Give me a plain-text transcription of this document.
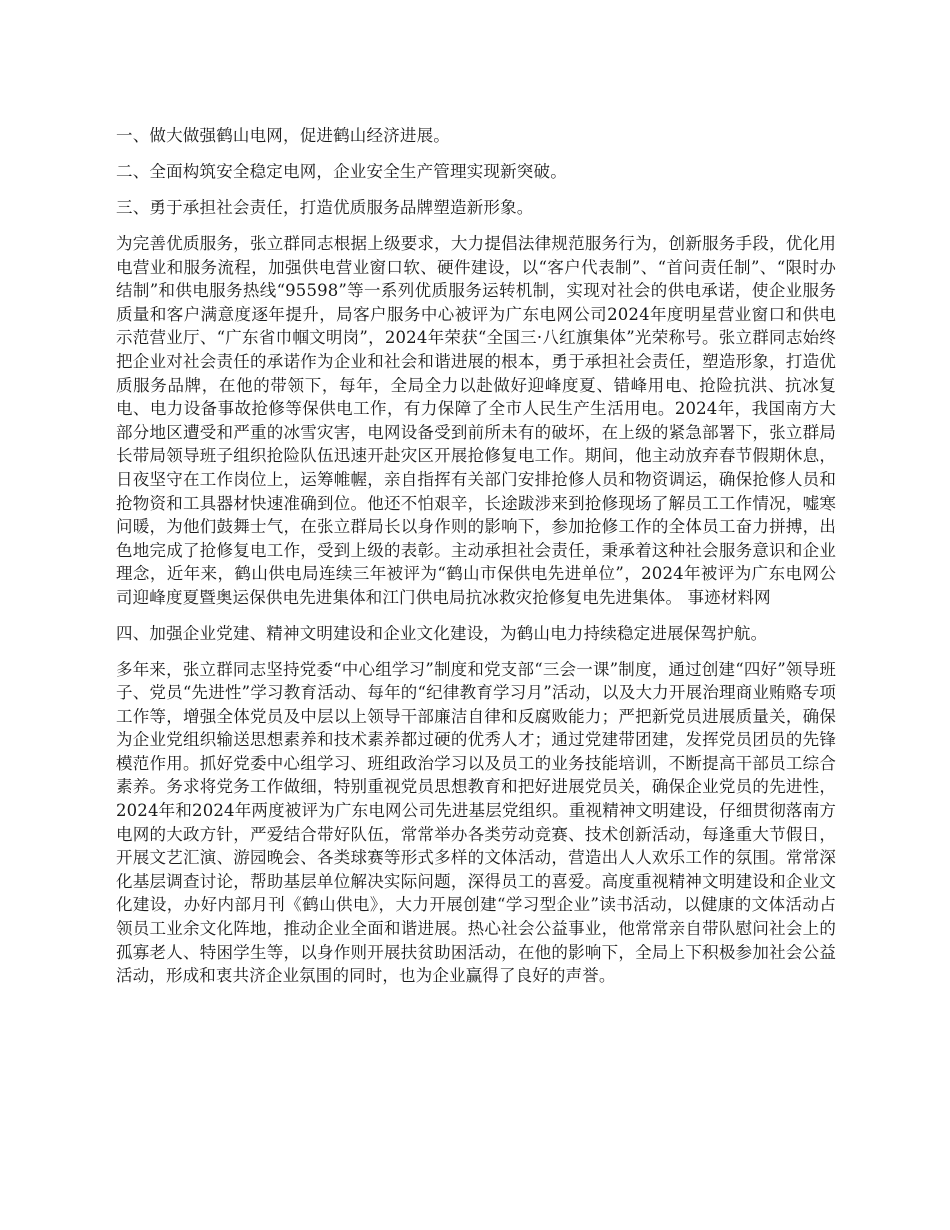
一、做大做强鹤山电网，促进鹤山经济进展。

二、全面构筑安全稳定电网，企业安全生产管理实现新突破。

三、勇于承担社会责任，打造优质服务品牌塑造新形象。

为完善优质服务，张立群同志根据上级要求，大力提倡法律规范服务行为，创新服务手段，优化用电营业和服务流程，加强供电营业窗口软、硬件建设，以“客户代表制”、“首问责任制”、“限时办结制”和供电服务热线“95598”等一系列优质服务运转机制，实现对社会的供电承诺，使企业服务质量和客户满意度逐年提升，局客户服务中心被评为广东电网公司2024年度明星营业窗口和供电示范营业厅、“广东省巾帼文明岗”，2024年荣获“全国三·八红旗集体”光荣称号。张立群同志始终把企业对社会责任的承诺作为企业和社会和谐进展的根本，勇于承担社会责任，塑造形象，打造优质服务品牌，在他的带领下，每年，全局全力以赴做好迎峰度夏、错峰用电、抢险抗洪、抗冰复电、电力设备事故抢修等保供电工作，有力保障了全市人民生产生活用电。2024年，我国南方大部分地区遭受和严重的冰雪灾害，电网设备受到前所未有的破坏，在上级的紧急部署下，张立群局长带局领导班子组织抢险队伍迅速开赴灾区开展抢修复电工作。期间，他主动放弃春节假期休息，日夜坚守在工作岗位上，运筹帷幄，亲自指挥有关部门安排抢修人员和物资调运，确保抢修人员和抢物资和工具器材快速准确到位。他还不怕艰辛，长途跋涉来到抢修现场了解员工工作情况，嘘寒问暖，为他们鼓舞士气，在张立群局长以身作则的影响下，参加抢修工作的全体员工奋力拼搏，出色地完成了抢修复电工作，受到上级的表彰。主动承担社会责任，秉承着这种社会服务意识和企业理念，近年来，鹤山供电局连续三年被评为“鹤山市保供电先进单位”，2024年被评为广东电网公司迎峰度夏暨奥运保供电先进集体和江门供电局抗冰救灾抢修复电先进集体。 事迹材料网

四、加强企业党建、精神文明建设和企业文化建设，为鹤山电力持续稳定进展保驾护航。

多年来，张立群同志坚持党委“中心组学习”制度和党支部“三会一课”制度，通过创建“四好”领导班子、党员“先进性”学习教育活动、每年的“纪律教育学习月”活动，以及大力开展治理商业贿赂专项工作等，增强全体党员及中层以上领导干部廉洁自律和反腐败能力；严把新党员进展质量关，确保为企业党组织输送思想素养和技术素养都过硬的优秀人才；通过党建带团建，发挥党员团员的先锋模范作用。抓好党委中心组学习、班组政治学习以及员工的业务技能培训，不断提高干部员工综合素养。务求将党务工作做细，特别重视党员思想教育和把好进展党员关，确保企业党员的先进性，2024年和2024年两度被评为广东电网公司先进基层党组织。重视精神文明建设，仔细贯彻落南方电网的大政方针，严爱结合带好队伍，常常举办各类劳动竞赛、技术创新活动，每逢重大节假日，开展文艺汇演、游园晚会、各类球赛等形式多样的文体活动，营造出人人欢乐工作的氛围。常常深化基层调查讨论，帮助基层单位解决实际问题，深得员工的喜爱。高度重视精神文明建设和企业文化建设，办好内部月刊《鹤山供电》，大力开展创建“学习型企业”读书活动，以健康的文体活动占领员工业余文化阵地，推动企业全面和谐进展。热心社会公益事业，他常常亲自带队慰问社会上的孤寡老人、特困学生等，以身作则开展扶贫助困活动，在他的影响下，全局上下积极参加社会公益活动，形成和衷共济企业氛围的同时，也为企业赢得了良好的声誉。
